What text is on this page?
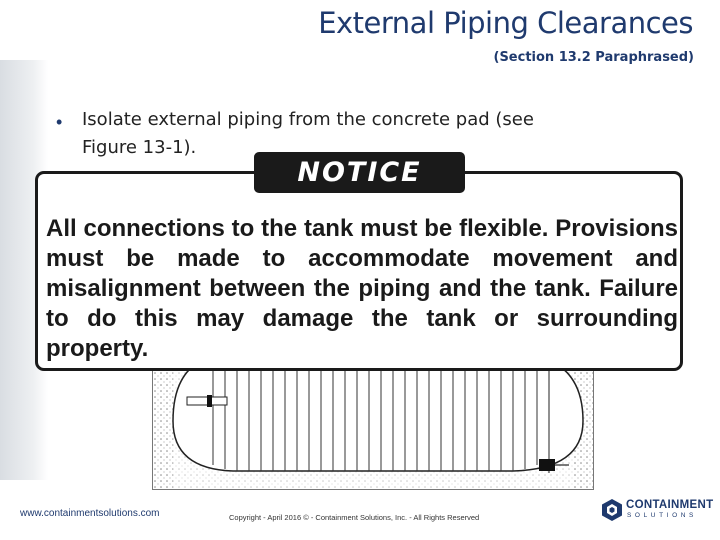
External Piping Clearances
(Section 13.2 Paraphrased)
• Isolate external piping from the concrete pad (see Figure 13-1).

All connections to the tank must be flexible. Provisions must be made to accommodate movement and misalignment between the piping and the tank. Failure to do this may damage the tank or surrounding property.

NOTICE
www.containmentsolutions.com	Copyright - April 2016 © - Containment Solutions, Inc. - All Rights Reserved
CONTAINMENT
SOLUTIONS
